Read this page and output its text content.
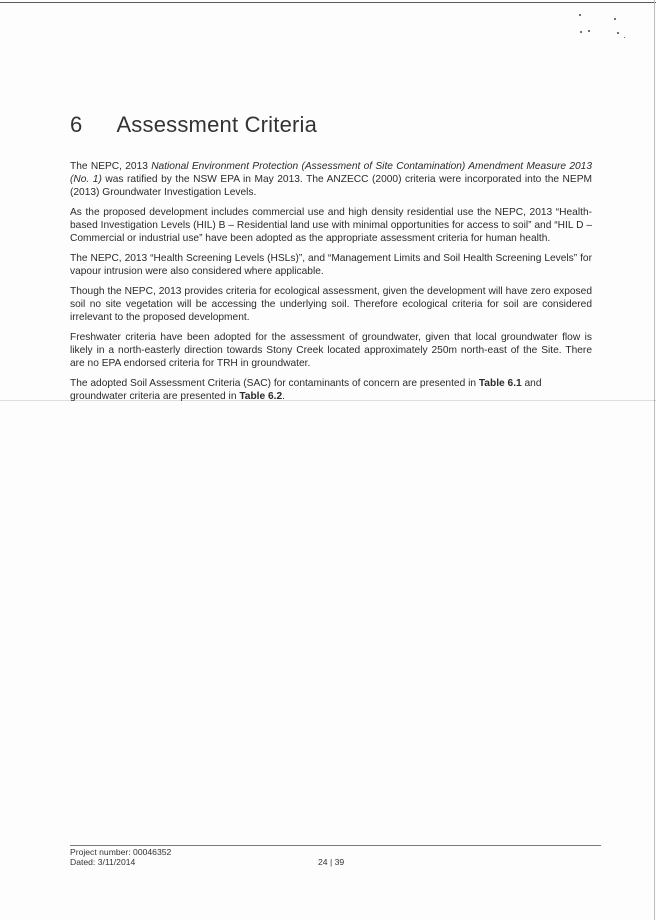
6 Assessment Criteria

The NEPC, 2013 National Environment Protection (Assessment of Site Contamination) Amendment Measure 2013 (No. 1) was ratified by the NSW EPA in May 2013. The ANZECC (2000) criteria were incorporated into the NEPM (2013) Groundwater Investigation Levels.

As the proposed development includes commercial use and high density residential use the NEPC, 2013 “Health-based Investigation Levels (HIL) B – Residential land use with minimal opportunities for access to soil” and “HIL D – Commercial or industrial use” have been adopted as the appropriate assessment criteria for human health.

The NEPC, 2013 “Health Screening Levels (HSLs)”, and “Management Limits and Soil Health Screening Levels” for vapour intrusion were also considered where applicable.

Though the NEPC, 2013 provides criteria for ecological assessment, given the development will have zero exposed soil no site vegetation will be accessing the underlying soil. Therefore ecological criteria for soil are considered irrelevant to the proposed development.

Freshwater criteria have been adopted for the assessment of groundwater, given that local groundwater flow is likely in a north-easterly direction towards Stony Creek located approximately 250m north-east of the Site. There are no EPA endorsed criteria for TRH in groundwater.

The adopted Soil Assessment Criteria (SAC) for contaminants of concern are presented in Table 6.1 and groundwater criteria are presented in Table 6.2.

Project number: 00046352
Dated: 3/11/2014	24 | 39
